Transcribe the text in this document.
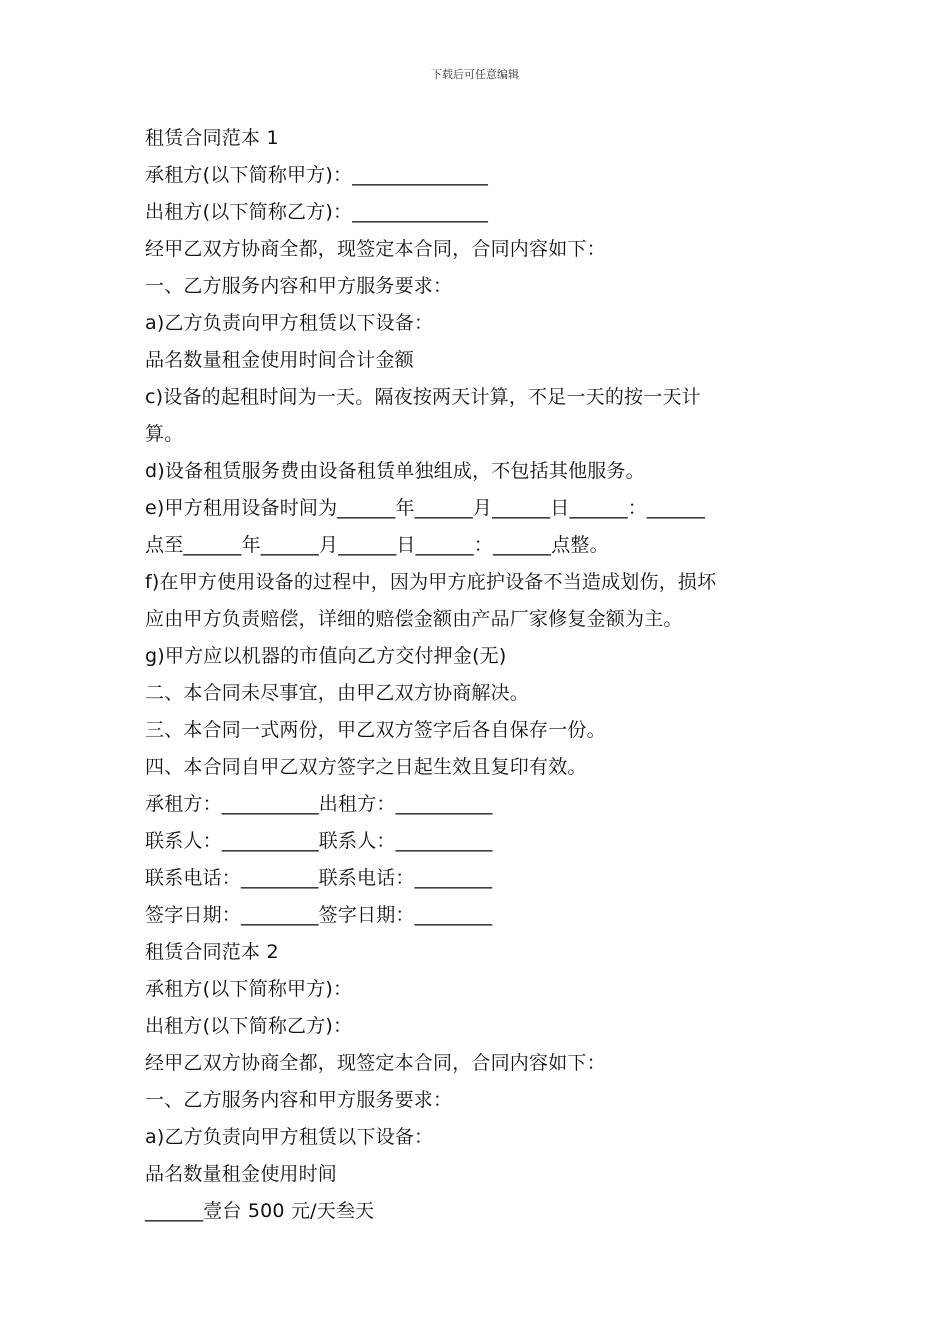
下载后可任意编辑
租赁合同范本 1
承租方(以下简称甲方)：______________
出租方(以下简称乙方)：______________
经甲乙双方协商全都，现签定本合同，合同内容如下：
一、乙方服务内容和甲方服务要求：
a)乙方负责向甲方租赁以下设备：
品名数量租金使用时间合计金额
c)设备的起租时间为一天。隔夜按两天计算，不足一天的按一天计
算。
d)设备租赁服务费由设备租赁单独组成，不包括其他服务。
e)甲方租用设备时间为______年______月______日______：______
点至______年______月______日______：______点整。
f)在甲方使用设备的过程中，因为甲方庇护设备不当造成划伤，损坏
应由甲方负责赔偿，详细的赔偿金额由产品厂家修复金额为主。
g)甲方应以机器的市值向乙方交付押金(无)
二、本合同未尽事宜，由甲乙双方协商解决。
三、本合同一式两份，甲乙双方签字后各自保存一份。
四、本合同自甲乙双方签字之日起生效且复印有效。
承租方：__________出租方：__________
联系人：__________联系人：__________
联系电话：________联系电话：________
签字日期：________签字日期：________
租赁合同范本 2
承租方(以下简称甲方)：
出租方(以下简称乙方)：
经甲乙双方协商全都，现签定本合同，合同内容如下：
一、乙方服务内容和甲方服务要求：
a)乙方负责向甲方租赁以下设备：
品名数量租金使用时间
______壹台 500 元/天叁天
